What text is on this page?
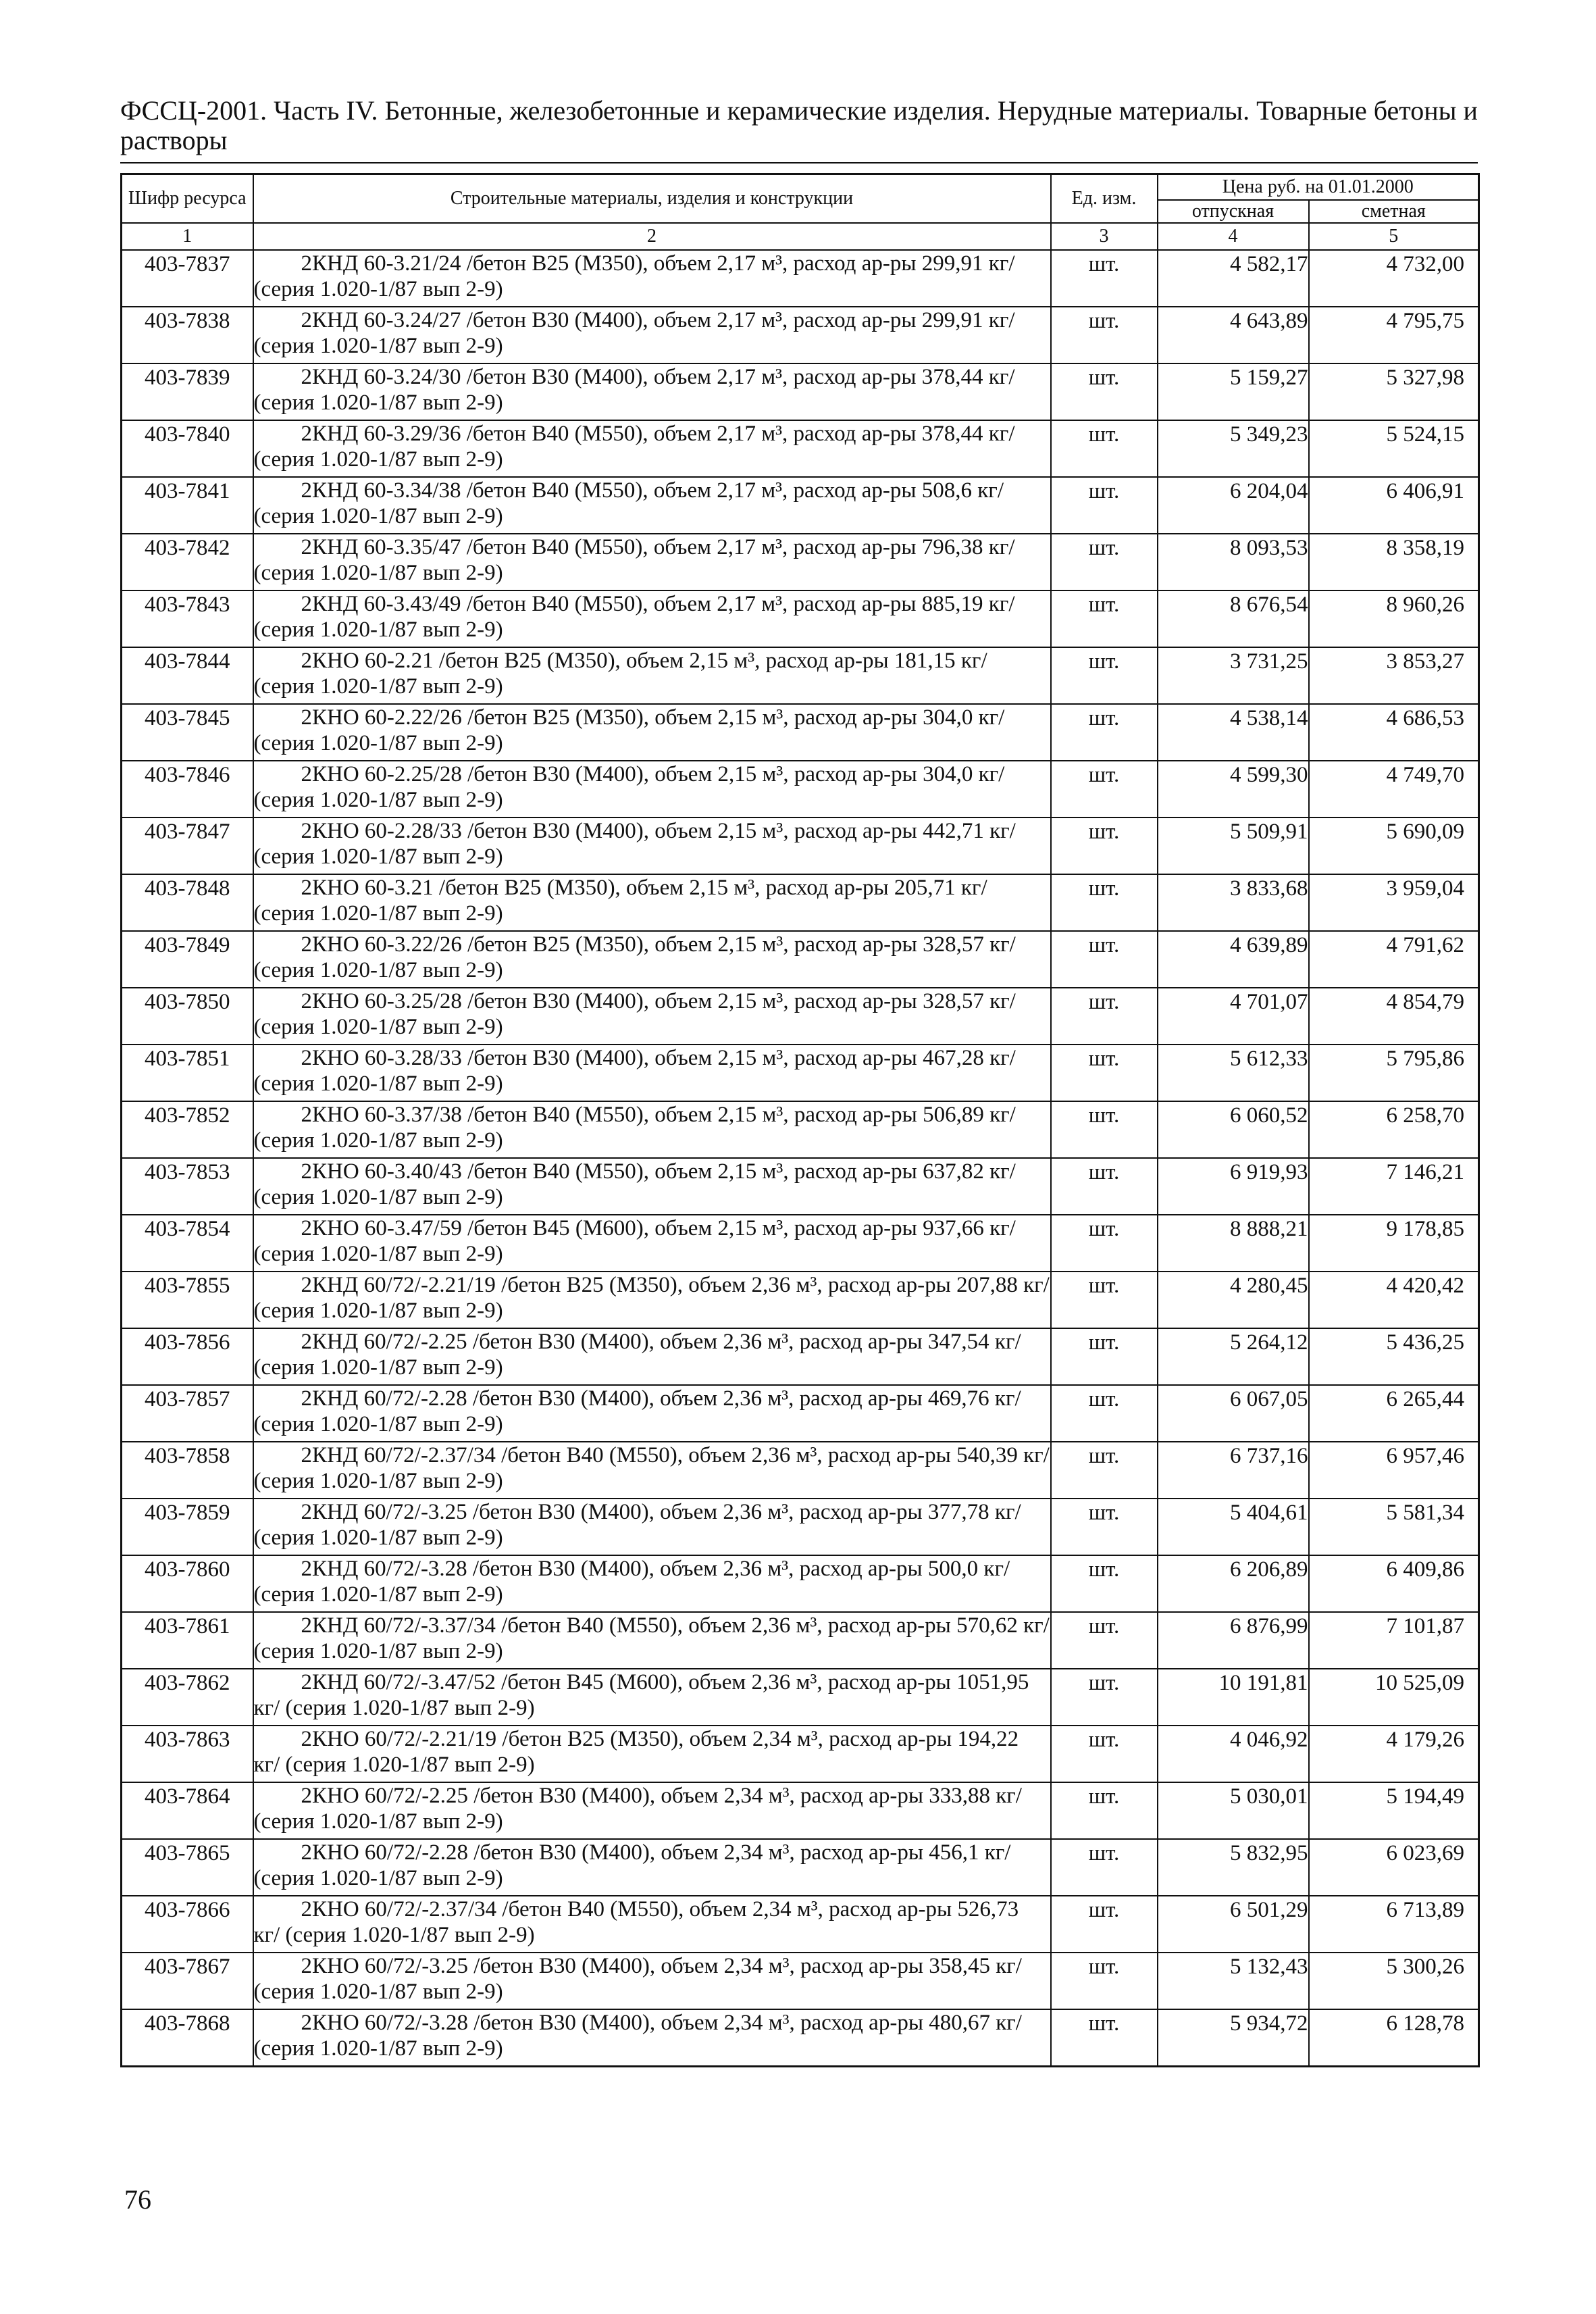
ФССЦ-2001. Часть IV. Бетонные, железобетонные и керамические изделия. Нерудные материалы. Товарные бетоны и растворы
Шифр ресурса	Строительные материалы, изделия и конструкции	Ед. изм.	Цена руб. на 01.01.2000	
			отпускная	сметная
1	2	3	4	5
403-7837	2КНД 60-3.21/24 /бетон В25 (М350), объем 2,17 м³, расход ар-ры 299,91 кг/ (серия 1.020-1/87 вып 2-9)	шт.	4 582,17	4 732,00
403-7838	2КНД 60-3.24/27 /бетон В30 (М400), объем 2,17 м³, расход ар-ры 299,91 кг/ (серия 1.020-1/87 вып 2-9)	шт.	4 643,89	4 795,75
403-7839	2КНД 60-3.24/30 /бетон В30 (М400), объем 2,17 м³, расход ар-ры 378,44 кг/ (серия 1.020-1/87 вып 2-9)	шт.	5 159,27	5 327,98
403-7840	2КНД 60-3.29/36 /бетон В40 (М550), объем 2,17 м³, расход ар-ры 378,44 кг/ (серия 1.020-1/87 вып 2-9)	шт.	5 349,23	5 524,15
403-7841	2КНД 60-3.34/38 /бетон В40 (М550), объем 2,17 м³, расход ар-ры 508,6 кг/ (серия 1.020-1/87 вып 2-9)	шт.	6 204,04	6 406,91
403-7842	2КНД 60-3.35/47 /бетон В40 (М550), объем 2,17 м³, расход ар-ры 796,38 кг/ (серия 1.020-1/87 вып 2-9)	шт.	8 093,53	8 358,19
403-7843	2КНД 60-3.43/49 /бетон В40 (М550), объем 2,17 м³, расход ар-ры 885,19 кг/ (серия 1.020-1/87 вып 2-9)	шт.	8 676,54	8 960,26
403-7844	2КНО 60-2.21 /бетон В25 (М350), объем 2,15 м³, расход ар-ры 181,15 кг/ (серия 1.020-1/87 вып 2-9)	шт.	3 731,25	3 853,27
403-7845	2КНО 60-2.22/26 /бетон В25 (М350), объем 2,15 м³, расход ар-ры 304,0 кг/ (серия 1.020-1/87 вып 2-9)	шт.	4 538,14	4 686,53
403-7846	2КНО 60-2.25/28 /бетон В30 (М400), объем 2,15 м³, расход ар-ры 304,0 кг/ (серия 1.020-1/87 вып 2-9)	шт.	4 599,30	4 749,70
403-7847	2КНО 60-2.28/33 /бетон В30 (М400), объем 2,15 м³, расход ар-ры 442,71 кг/ (серия 1.020-1/87 вып 2-9)	шт.	5 509,91	5 690,09
403-7848	2КНО 60-3.21 /бетон В25 (М350), объем 2,15 м³, расход ар-ры 205,71 кг/ (серия 1.020-1/87 вып 2-9)	шт.	3 833,68	3 959,04
403-7849	2КНО 60-3.22/26 /бетон В25 (М350), объем 2,15 м³, расход ар-ры 328,57 кг/ (серия 1.020-1/87 вып 2-9)	шт.	4 639,89	4 791,62
403-7850	2КНО 60-3.25/28 /бетон В30 (М400), объем 2,15 м³, расход ар-ры 328,57 кг/ (серия 1.020-1/87 вып 2-9)	шт.	4 701,07	4 854,79
403-7851	2КНО 60-3.28/33 /бетон В30 (М400), объем 2,15 м³, расход ар-ры 467,28 кг/ (серия 1.020-1/87 вып 2-9)	шт.	5 612,33	5 795,86
403-7852	2КНО 60-3.37/38 /бетон В40 (М550), объем 2,15 м³, расход ар-ры 506,89 кг/ (серия 1.020-1/87 вып 2-9)	шт.	6 060,52	6 258,70
403-7853	2КНО 60-3.40/43 /бетон В40 (М550), объем 2,15 м³, расход ар-ры 637,82 кг/ (серия 1.020-1/87 вып 2-9)	шт.	6 919,93	7 146,21
403-7854	2КНО 60-3.47/59 /бетон В45 (М600), объем 2,15 м³, расход ар-ры 937,66 кг/ (серия 1.020-1/87 вып 2-9)	шт.	8 888,21	9 178,85
403-7855	2КНД 60/72/-2.21/19 /бетон В25 (М350), объем 2,36 м³, расход ар-ры 207,88 кг/ (серия 1.020-1/87 вып 2-9)	шт.	4 280,45	4 420,42
403-7856	2КНД 60/72/-2.25 /бетон В30 (М400), объем 2,36 м³, расход ар-ры 347,54 кг/ (серия 1.020-1/87 вып 2-9)	шт.	5 264,12	5 436,25
403-7857	2КНД 60/72/-2.28 /бетон В30 (М400), объем 2,36 м³, расход ар-ры 469,76 кг/ (серия 1.020-1/87 вып 2-9)	шт.	6 067,05	6 265,44
403-7858	2КНД 60/72/-2.37/34 /бетон В40 (М550), объем 2,36 м³, расход ар-ры 540,39 кг/ (серия 1.020-1/87 вып 2-9)	шт.	6 737,16	6 957,46
403-7859	2КНД 60/72/-3.25 /бетон В30 (М400), объем 2,36 м³, расход ар-ры 377,78 кг/ (серия 1.020-1/87 вып 2-9)	шт.	5 404,61	5 581,34
403-7860	2КНД 60/72/-3.28 /бетон В30 (М400), объем 2,36 м³, расход ар-ры 500,0 кг/ (серия 1.020-1/87 вып 2-9)	шт.	6 206,89	6 409,86
403-7861	2КНД 60/72/-3.37/34 /бетон В40 (М550), объем 2,36 м³, расход ар-ры 570,62 кг/ (серия 1.020-1/87 вып 2-9)	шт.	6 876,99	7 101,87
403-7862	2КНД 60/72/-3.47/52 /бетон В45 (М600), объем 2,36 м³, расход ар-ры 1051,95 кг/ (серия 1.020-1/87 вып 2-9)	шт.	10 191,81	10 525,09
403-7863	2КНО 60/72/-2.21/19 /бетон В25 (М350), объем 2,34 м³, расход ар-ры 194,22 кг/ (серия 1.020-1/87 вып 2-9)	шт.	4 046,92	4 179,26
403-7864	2КНО 60/72/-2.25 /бетон В30 (М400), объем 2,34 м³, расход ар-ры 333,88 кг/ (серия 1.020-1/87 вып 2-9)	шт.	5 030,01	5 194,49
403-7865	2КНО 60/72/-2.28 /бетон В30 (М400), объем 2,34 м³, расход ар-ры 456,1 кг/ (серия 1.020-1/87 вып 2-9)	шт.	5 832,95	6 023,69
403-7866	2КНО 60/72/-2.37/34 /бетон В40 (М550), объем 2,34 м³, расход ар-ры 526,73 кг/ (серия 1.020-1/87 вып 2-9)	шт.	6 501,29	6 713,89
403-7867	2КНО 60/72/-3.25 /бетон В30 (М400), объем 2,34 м³, расход ар-ры 358,45 кг/ (серия 1.020-1/87 вып 2-9)	шт.	5 132,43	5 300,26
403-7868	2КНО 60/72/-3.28 /бетон В30 (М400), объем 2,34 м³, расход ар-ры 480,67 кг/ (серия 1.020-1/87 вып 2-9)	шт.	5 934,72	6 128,78
76
